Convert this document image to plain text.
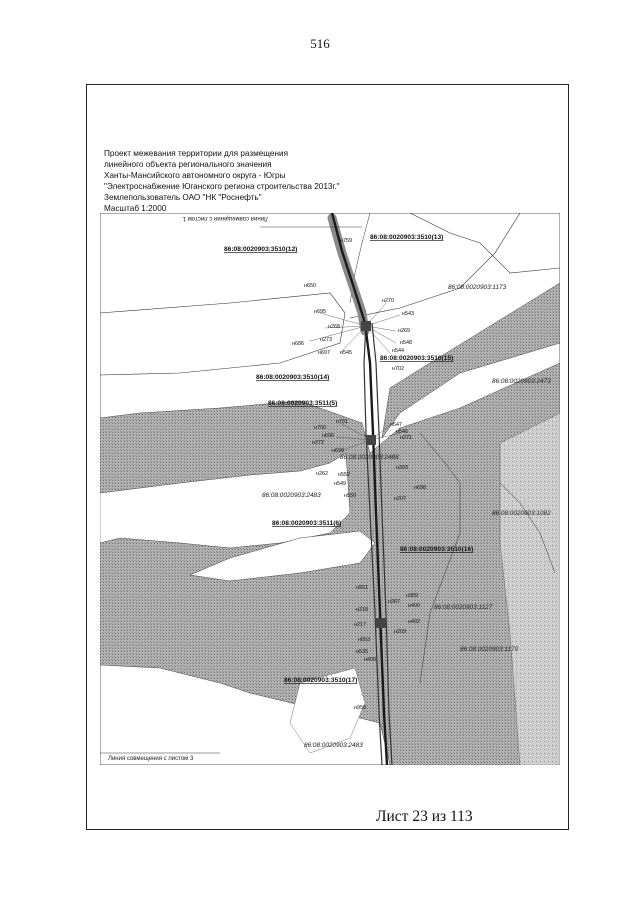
516
Проект межевания территории для размещения
линейного объекта регионального значения
Ханты-Мансийского автономного округа - Югры
"Электроснабжение Юганского региона строительства 2013г."
Землепользователь ОАО "НК "Роснефть"
Масштаб 1:2000
Линия совмещения с листом 1
Линия совмещения с листом 3
86:08:0020903:3510(12)
86:08:0020903:3510(13)
86:08:0020903:3510(15)
86:08:0020903:3510(14)
86:08:0020903:3511(5)
86:08:0020903:3511(6)
86:08:0020903:3510(16)
86:08:0020903:3510(17)
86:08:0020903:1173
86:08:0020903:2473
86:08:0020903:2488
86:08:0020903:2483
86:08:0020903:1082
86:08:0020903:1127
86:08:0020903:1170
86:08:0020903:2483
н759
н650
н270
н543
н695
н268
н269
н686
н273	н548
н697 н545	н544
н702
н701	н547
н546
н700
н696	н271
н272
н699
н393
н262 н552
н549
н698
н550	н207
н551
н267
н389
н218
н400
н217	н402
н553
н209
н535
н408
н958
Лист 23 из 113
